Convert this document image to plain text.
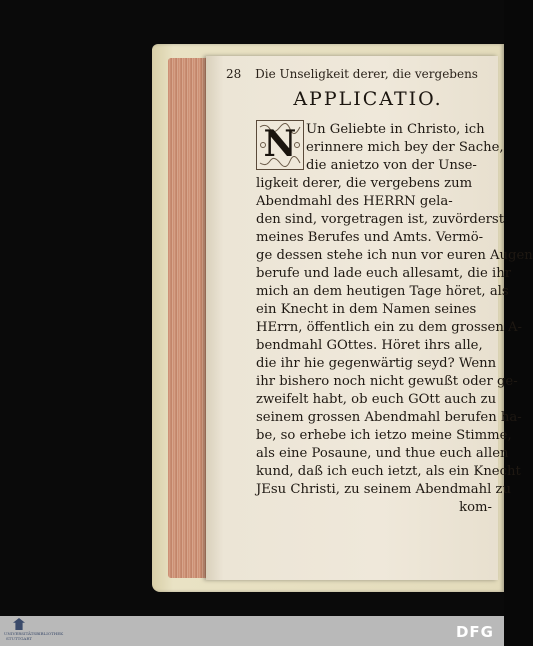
28 Die Unseligkeit derer, die vergebens
APPLICATIO.
N Un Geliebte in Christo, ich
erinnere mich bey der Sache,
die anietzo von der Unse-
ligkeit derer, die vergebens zum
Abendmahl des HERRN gela-
den sind, vorgetragen ist, zuvörderst
meines Berufes und Amts. Vermö-
ge dessen stehe ich nun vor euren Augen
berufe und lade euch allesamt, die ihr
mich an dem heutigen Tage höret, als
ein Knecht in dem Namen seines
HErrn, öffentlich ein zu dem grossen A-
bendmahl GOttes. Höret ihrs alle,
die ihr hie gegenwärtig seyd? Wenn
ihr bishero noch nicht gewußt oder ge-
zweifelt habt, ob euch GOtt auch zu
seinem grossen Abendmahl berufen ha-
be, so erhebe ich ietzo meine Stimme,
als eine Posaune, und thue euch allen
kund, daß ich euch ietzt, als ein Knecht
JEsu Christi, zu seinem Abendmahl zu
kom-
UNIVERSITÄTSBIBLIOTHEK STUTTGART	DFG
